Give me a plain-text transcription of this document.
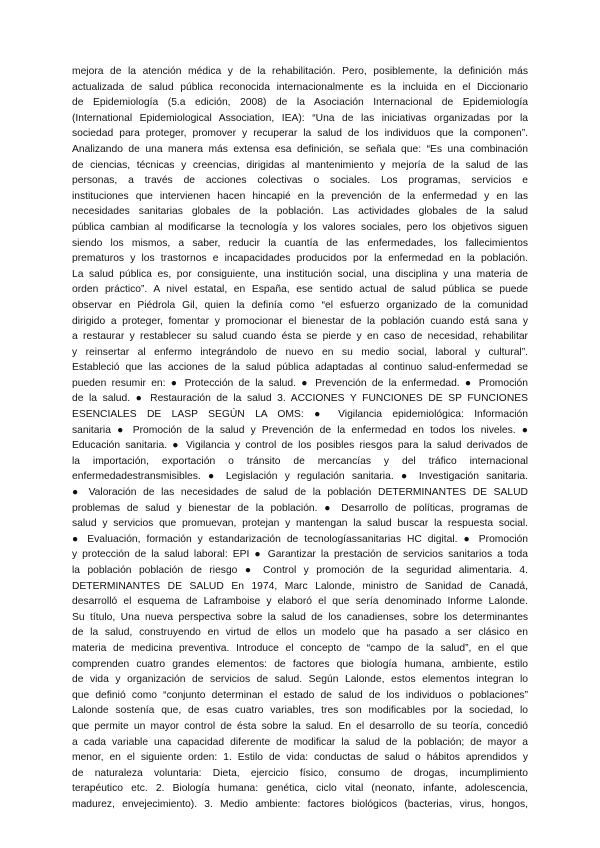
mejora de la atención médica y de la rehabilitación. Pero, posiblemente, la definición más
actualizada de salud pública reconocida internacionalmente es la incluida en el Diccionario
de Epidemiología (5.a edición, 2008) de la Asociación Internacional de Epidemiología
(International Epidemiological Association, IEA): “Una de las iniciativas organizadas por la
sociedad para proteger, promover y recuperar la salud de los individuos que la componen”.
Analizando de una manera más extensa esa definición, se señala que: “Es una combinación
de ciencias, técnicas y creencias, dirigidas al mantenimiento y mejoría de la salud de las
personas, a través de acciones colectivas o sociales. Los programas, servicios e
instituciones que intervienen hacen hincapié en la prevención de la enfermedad y en las
necesidades sanitarias globales de la población. Las actividades globales de la salud
pública cambian al modificarse la tecnología y los valores sociales, pero los objetivos siguen
siendo los mismos, a saber, reducir la cuantía de las enfermedades, los fallecimientos
prematuros y los trastornos e incapacidades producidos por la enfermedad en la población.
La salud pública es, por consiguiente, una institución social, una disciplina y una materia de
orden práctico”. A nivel estatal, en España, ese sentido actual de salud pública se puede
observar en Piédrola Gil, quien la definía como “el esfuerzo organizado de la comunidad
dirigido a proteger, fomentar y promocionar el bienestar de la población cuando está sana y
a restaurar y restablecer su salud cuando ésta se pierde y en caso de necesidad, rehabilitar
y reinsertar al enfermo integrándolo de nuevo en su medio social, laboral y cultural”.
Estableció que las acciones de la salud pública adaptadas al continuo salud-enfermedad se
pueden resumir en: ● Protección de la salud. ● Prevención de la enfermedad. ● Promoción
de la salud. ● Restauración de la salud 3. ACCIONES Y FUNCIONES DE SP FUNCIONES
ESENCIALES DE LASP SEGÚN LA OMS: ● Vigilancia epidemiológica: Información
sanitaria ● Promoción de la salud y Prevención de la enfermedad en todos los niveles. ●
Educación sanitaria. ● Vigilancia y control de los posibles riesgos para la salud derivados de
la importación, exportación o tránsito de mercancías y del tráfico internacional
enfermedadestransmisibles. ● Legislación y regulación sanitaria. ● Investigación sanitaria.
● Valoración de las necesidades de salud de la población DETERMINANTES DE SALUD
problemas de salud y bienestar de la población. ● Desarrollo de políticas, programas de
salud y servicios que promuevan, protejan y mantengan la salud buscar la respuesta social.
● Evaluación, formación y estandarización de tecnologíassanitarias HC digital. ● Promoción
y protección de la salud laboral: EPI ● Garantizar la prestación de servicios sanitarios a toda
la población población de riesgo ● Control y promoción de la seguridad alimentaria. 4.
DETERMINANTES DE SALUD En 1974, Marc Lalonde, ministro de Sanidad de Canadá,
desarrolló el esquema de Laframboise y elaboró el que sería denominado Informe Lalonde.
Su título, Una nueva perspectiva sobre la salud de los canadienses, sobre los determinantes
de la salud, construyendo en virtud de ellos un modelo que ha pasado a ser clásico en
materia de medicina preventiva. Introduce el concepto de “campo de la salud”, en el que
comprenden cuatro grandes elementos: de factores que biología humana, ambiente, estilo
de vida y organización de servicios de salud. Según Lalonde, estos elementos integran lo
que definió como “conjunto determinan el estado de salud de los individuos o poblaciones”
Lalonde sostenía que, de esas cuatro variables, tres son modificables por la sociedad, lo
que permite un mayor control de ésta sobre la salud. En el desarrollo de su teoría, concedió
a cada variable una capacidad diferente de modificar la salud de la población; de mayor a
menor, en el siguiente orden: 1. Estilo de vida: conductas de salud o hábitos aprendidos y
de naturaleza voluntaria: Dieta, ejercicio físico, consumo de drogas, incumplimiento
terapéutico etc. 2. Biología humana: genética, ciclo vital (neonato, infante, adolescencia,
madurez, envejecimiento). 3. Medio ambiente: factores biológicos (bacterias, virus, hongos,
